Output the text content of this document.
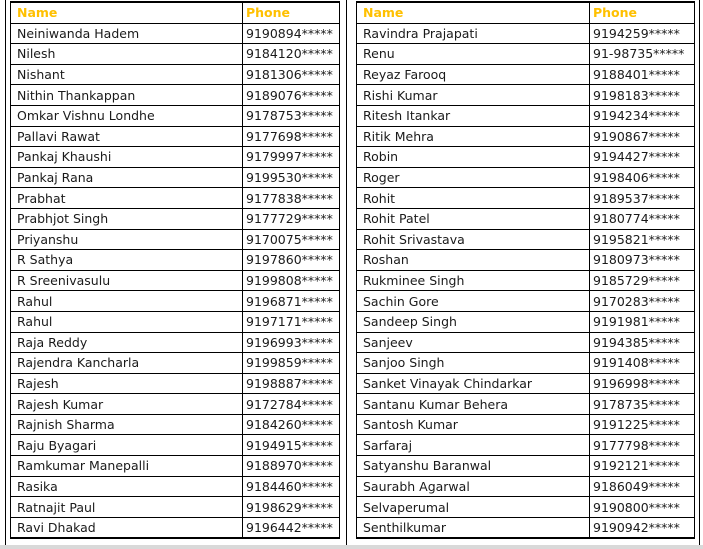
Name	Phone
Neiniwanda Hadem	9190894*****
Nilesh	9184120*****
Nishant	9181306*****
Nithin Thankappan	9189076*****
Omkar Vishnu Londhe	9178753*****
Pallavi Rawat	9177698*****
Pankaj Khaushi	9179997*****
Pankaj Rana	9199530*****
Prabhat	9177838*****
Prabhjot Singh	9177729*****
Priyanshu	9170075*****
R Sathya	9197860*****
R Sreenivasulu	9199808*****
Rahul	9196871*****
Rahul	9197171*****
Raja Reddy	9196993*****
Rajendra Kancharla	9199859*****
Rajesh	9198887*****
Rajesh Kumar	9172784*****
Rajnish Sharma	9184260*****
Raju Byagari	9194915*****
Ramkumar Manepalli	9188970*****
Rasika	9184460*****
Ratnajit Paul	9198629*****
Ravi Dhakad	9196442*****
Name	Phone
Ravindra Prajapati	9194259*****
Renu	91-98735*****
Reyaz Farooq	9188401*****
Rishi Kumar	9198183*****
Ritesh Itankar	9194234*****
Ritik Mehra	9190867*****
Robin	9194427*****
Roger	9198406*****
Rohit	9189537*****
Rohit Patel	9180774*****
Rohit Srivastava	9195821*****
Roshan	9180973*****
Rukminee Singh	9185729*****
Sachin Gore	9170283*****
Sandeep Singh	9191981*****
Sanjeev	9194385*****
Sanjoo Singh	9191408*****
Sanket Vinayak Chindarkar	9196998*****
Santanu Kumar Behera	9178735*****
Santosh Kumar	9191225*****
Sarfaraj	9177798*****
Satyanshu Baranwal	9192121*****
Saurabh Agarwal	9186049*****
Selvaperumal	9190800*****
Senthilkumar	9190942*****
